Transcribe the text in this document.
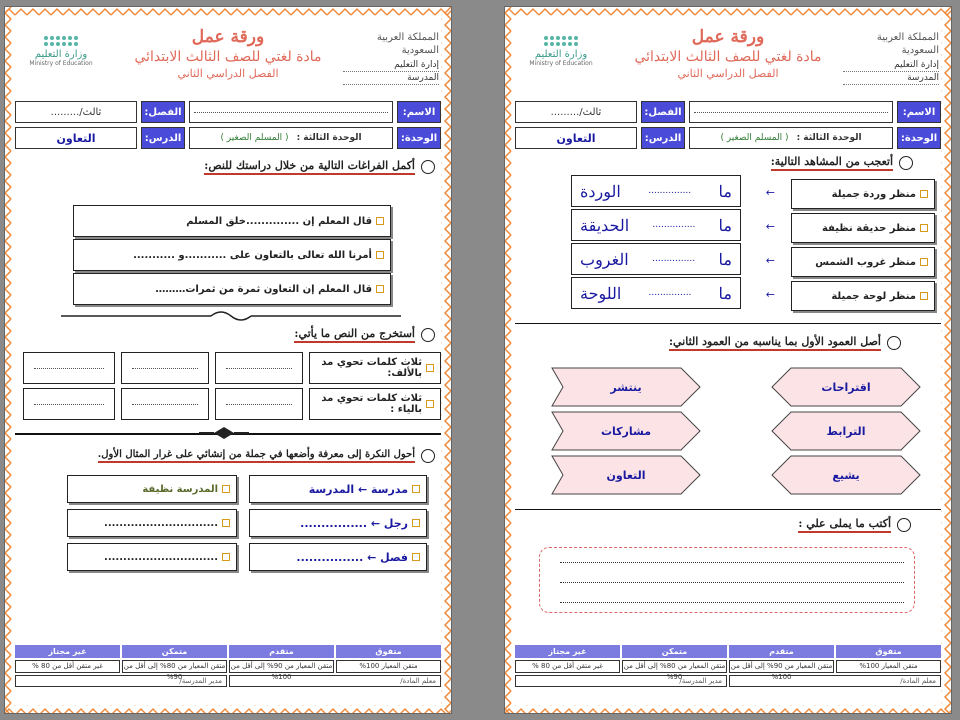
المملكة العربية السعودية
إدارة التعليم
المدرسة
ورقة عمل
مادة لغتي للصف الثالث الابتدائي
الفصل الدراسي الثاني
وزارة التعليم
Ministry of Education
الاسم:
الفصل:
ثالث/.........
الوحدة:
الوحدة الثالثة :
( المسلم الصغير )
الدرس:
التعاون
أكمل الفراغات التالية من خلال دراستك للنص:
قال المعلم إن ..............خلق المسلم
أمرنا الله تعالى بالتعاون على ...........و ...........
قال المعلم إن التعاون ثمرة من ثمرات………
أستخرج من النص ما يأتي:
ثلاث كلمات تحوي مد بالألف:
ثلاث كلمات تحوي مد بالياء :
أحول النكرة إلى معرفة وأضعها في جملة من إنشائي على غرار المثال الأول.
مدرسة ← المدرسة
رجل ← ................
فصل ← ................
المدرسة نظيفة
..............................
..............................
متفوق
متقدم
متمكن
غير مجتاز
متقن المعيار 100%
متقن المعيار من 90% إلى أقل من 100%
متقن المعيار من 80% إلى أقل من 90%
غير متقن أقل من 80 %
معلم المادة/
مدير المدرسة/
المملكة العربية السعودية
إدارة التعليم
المدرسة
ورقة عمل
مادة لغتي للصف الثالث الابتدائي
الفصل الدراسي الثاني
وزارة التعليم
Ministry of Education
الاسم:
الفصل:
ثالث/.........
الوحدة:
الوحدة الثالثة :
( المسلم الصغير )
الدرس:
التعاون
أتعجب من المشاهد التالية:
منظر وردة جميلة
منظر حديقة نظيفة
منظر غروب الشمس
منظر لوحة جميلة
←
←
←
←
ما
...............
الوردة
ما
...............
الحديقة
ما
...............
الغروب
ما
...............
اللوحة
أصل العمود الأول بما يناسبه من العمود الثاني:
اقتراحات
الترابط
يشيع
ينتشر
مشاركات
التعاون
أكتب ما يملى علي :
متفوق
متقدم
متمكن
غير مجتاز
متقن المعيار 100%
متقن المعيار من 90% إلى أقل من 100%
متقن المعيار من 80% إلى أقل من 90%
غير متقن أقل من 80 %
معلم المادة/
مدير المدرسة/
